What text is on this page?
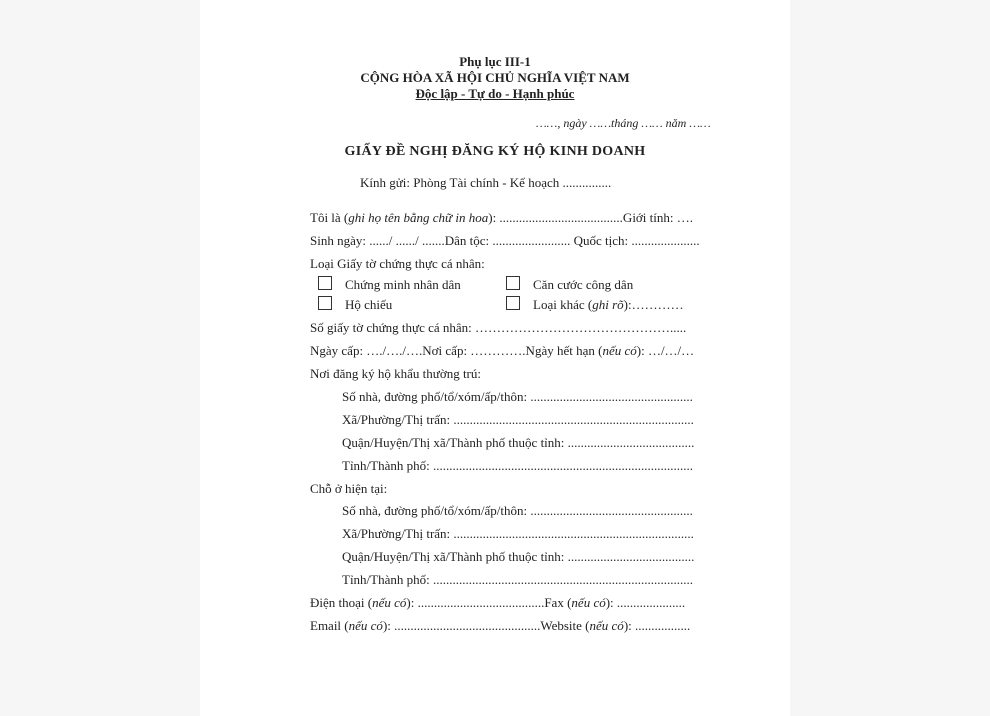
Phụ lục III-1
CỘNG HÒA XÃ HỘI CHỦ NGHĨA VIỆT NAM
Độc lập - Tự do - Hạnh phúc
……, ngày ……tháng …… năm ……
GIẤY ĐỀ NGHỊ ĐĂNG KÝ HỘ KINH DOANH
Kính gửi: Phòng Tài chính - Kế hoạch ...............
Tôi là (ghi họ tên bằng chữ in hoa): ......................................Giới tính: ….
Sinh ngày: ....../ ....../ .......Dân tộc: ........................ Quốc tịch: .....................
Loại Giấy tờ chứng thực cá nhân:
Chứng minh nhân dân	Căn cước công dân
Hộ chiếu	Loại khác (ghi rõ):…………
Số giấy tờ chứng thực cá nhân: ……………………………………….....
Ngày cấp: …./…./….Nơi cấp: ………….Ngày hết hạn (nếu có): …/…/…
Nơi đăng ký hộ khẩu thường trú:
Số nhà, đường phố/tổ/xóm/ấp/thôn: ..................................................
Xã/Phường/Thị trấn: ..........................................................................
Quận/Huyện/Thị xã/Thành phố thuộc tỉnh: .......................................
Tỉnh/Thành phố: ................................................................................
Chỗ ở hiện tại:
Số nhà, đường phố/tổ/xóm/ấp/thôn: ..................................................
Xã/Phường/Thị trấn: ..........................................................................
Quận/Huyện/Thị xã/Thành phố thuộc tỉnh: .......................................
Tỉnh/Thành phố: ................................................................................
Điện thoại (nếu có): .......................................Fax (nếu có): .....................
Email (nếu có): .............................................Website (nếu có): .................
